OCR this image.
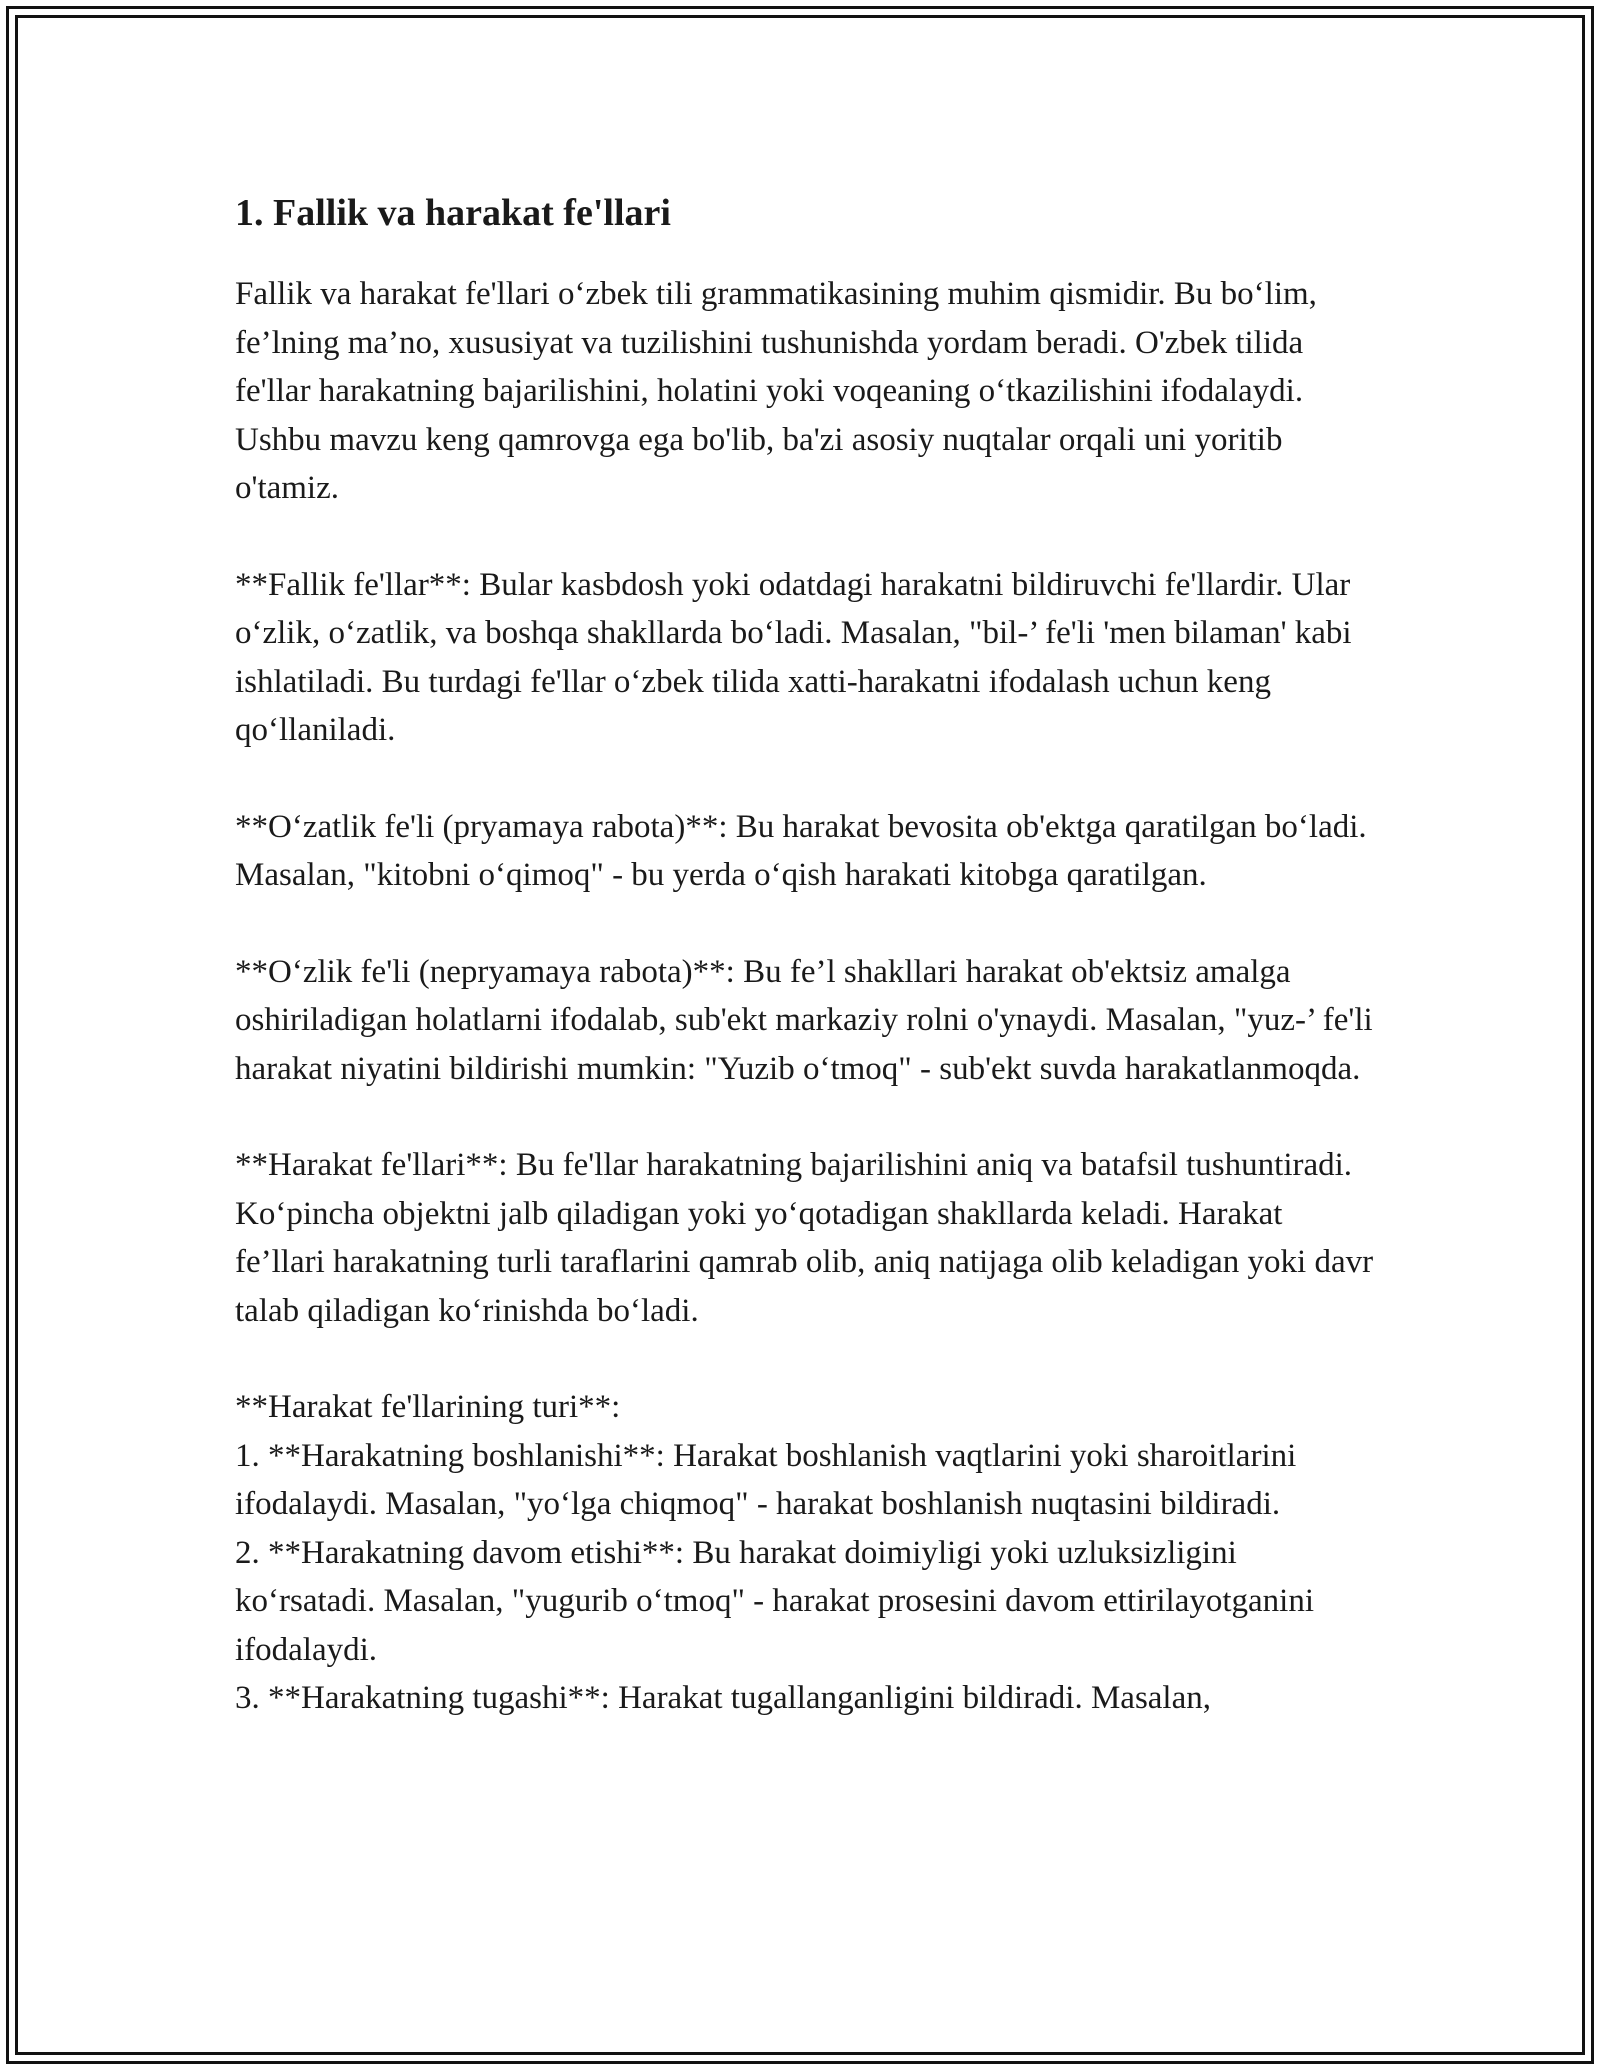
1. Fallik va harakat fe'llari

Fallik va harakat fe'llari o‘zbek tili grammatikasining muhim qismidir. Bu bo‘lim, fe’lning ma’no, xususiyat va tuzilishini tushunishda yordam beradi. O'zbek tilida fe'llar harakatning bajarilishini, holatini yoki voqeaning o‘tkazilishini ifodalaydi. Ushbu mavzu keng qamrovga ega bo'lib, ba'zi asosiy nuqtalar orqali uni yoritib o'tamiz.

**Fallik fe'llar**: Bular kasbdosh yoki odatdagi harakatni bildiruvchi fe'llardir. Ular o‘zlik, o‘zatlik, va boshqa shakllarda bo‘ladi. Masalan, "bil-’ fe'li 'men bilaman' kabi ishlatiladi. Bu turdagi fe'llar o‘zbek tilida xatti-harakatni ifodalash uchun keng qo‘llaniladi.

**O‘zatlik fe'li (pryamaya rabota)**: Bu harakat bevosita ob'ektga qaratilgan bo‘ladi. Masalan, "kitobni o‘qimoq" - bu yerda o‘qish harakati kitobga qaratilgan.

**O‘zlik fe'li (nepryamaya rabota)**: Bu fe’l shakllari harakat ob'ektsiz amalga oshiriladigan holatlarni ifodalab, sub'ekt markaziy rolni o'ynaydi. Masalan, "yuz-’ fe'li harakat niyatini bildirishi mumkin: "Yuzib o‘tmoq" - sub'ekt suvda harakatlanmoqda.

**Harakat fe'llari**: Bu fe'llar harakatning bajarilishini aniq va batafsil tushuntiradi. Ko‘pincha objektni jalb qiladigan yoki yo‘qotadigan shakllarda keladi. Harakat fe’llari harakatning turli taraflarini qamrab olib, aniq natijaga olib keladigan yoki davr talab qiladigan ko‘rinishda bo‘ladi.

**Harakat fe'llarining turi**:
1. **Harakatning boshlanishi**: Harakat boshlanish vaqtlarini yoki sharoitlarini ifodalaydi. Masalan, "yo‘lga chiqmoq" - harakat boshlanish nuqtasini bildiradi.
2. **Harakatning davom etishi**: Bu harakat doimiyligi yoki uzluksizligini ko‘rsatadi. Masalan, "yugurib o‘tmoq" - harakat prosesini davom ettirilayotganini ifodalaydi.
3. **Harakatning tugashi**: Harakat tugallanganligini bildiradi. Masalan,
